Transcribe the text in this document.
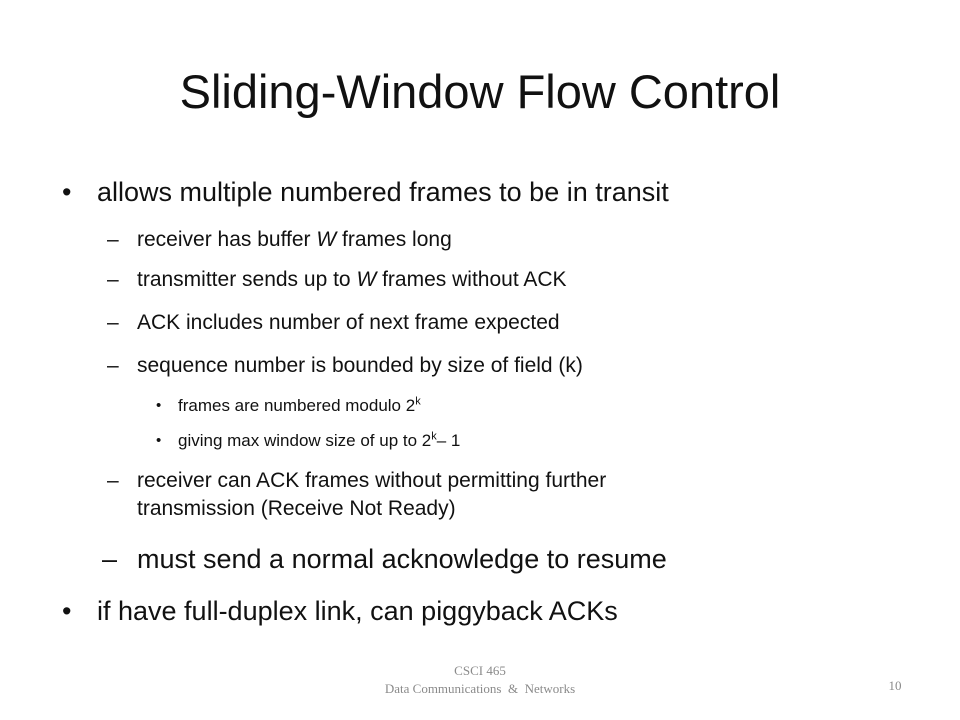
Sliding-Window Flow Control
• allows multiple numbered frames to be in transit
– receiver has buffer W frames long
– transmitter sends up to W frames without ACK
– ACK includes number of next frame expected
– sequence number is bounded by size of field (k)
• frames are numbered modulo 2$^k$
• giving max window size of up to 2$^k$– 1
– receiver can ACK frames without permitting further
transmission (Receive Not Ready)
– must send a normal acknowledge to resume
• if have full-duplex link, can piggyback ACKs
CSCI 465
Data Communications  &  Networks	10
